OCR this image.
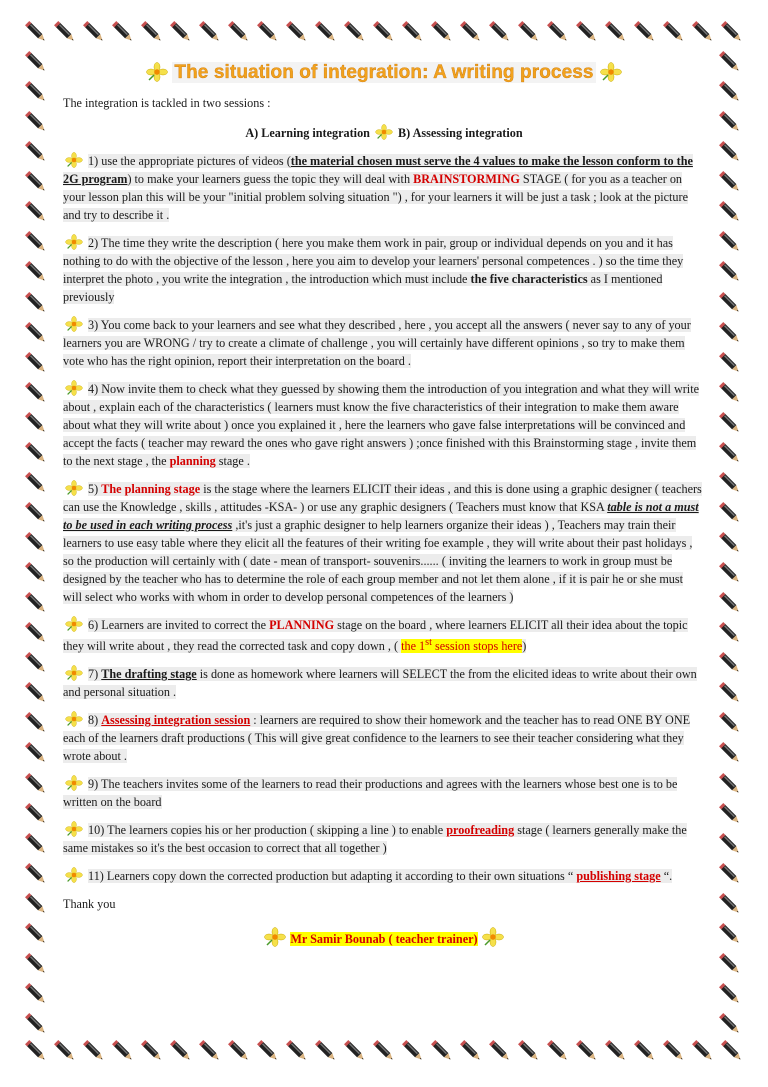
The situation of integration: A writing process

The integration is tackled in two sessions :

A) Learning integration B) Assessing integration

1) use the appropriate pictures of videos (the material chosen must serve the 4 values to make the lesson conform to the 2G program) to make your learners guess the topic they will deal with BRAINSTORMING STAGE ( for you as a teacher on your lesson plan this will be your "initial problem solving situation ") , for your learners it will be just a task ; look at the picture and try to describe it .

2) The time they write the description ( here you make them work in pair, group or individual depends on you and it has nothing to do with the objective of the lesson , here you aim to develop your learners' personal competences . ) so the time they interpret the photo , you write the integration , the introduction which must include the five characteristics as I mentioned previously

3) You come back to your learners and see what they described , here , you accept all the answers ( never say to any of your learners you are WRONG / try to create a climate of challenge , you will certainly have different opinions , so try to make them vote who has the right opinion, report their interpretation on the board .

4) Now invite them to check what they guessed by showing them the introduction of you integration and what they will write about , explain each of the characteristics ( learners must know the five characteristics of their integration to make them aware about what they will write about ) once you explained it , here the learners who gave false interpretations will be convinced and accept the facts ( teacher may reward the ones who gave right answers ) ;once finished with this Brainstorming stage , invite them to the next stage , the planning stage .

5) The planning stage is the stage where the learners ELICIT their ideas , and this is done using a graphic designer ( teachers can use the Knowledge , skills , attitudes -KSA- ) or use any graphic designers ( Teachers must know that KSA table is not a must to be used in each writing process ,it's just a graphic designer to help learners organize their ideas ) , Teachers may train their learners to use easy table where they elicit all the features of their writing foe example , they will write about their past holidays , so the production will certainly with ( date - mean of transport- souvenirs...... ( inviting the learners to work in group must be designed by the teacher who has to determine the role of each group member and not let them alone , if it is pair he or she must will select who works with whom in order to develop personal competences of the learners )

6) Learners are invited to correct the PLANNING stage on the board , where learners ELICIT all their idea about the topic they will write about , they read the corrected task and copy down , ( the 1st session stops here)

7) The drafting stage is done as homework where learners will SELECT the from the elicited ideas to write about their own and personal situation .

8) Assessing integration session : learners are required to show their homework and the teacher has to read ONE BY ONE each of the learners draft productions ( This will give great confidence to the learners to see their teacher considering what they wrote about .

9) The teachers invites some of the learners to read their productions and agrees with the learners whose best one is to be written on the board

10) The learners copies his or her production ( skipping a line ) to enable proofreading stage ( learners generally make the same mistakes so it's the best occasion to correct that all together )

11) Learners copy down the corrected production but adapting it according to their own situations “ publishing stage “.

Thank you

Mr Samir Bounab ( teacher trainer)
